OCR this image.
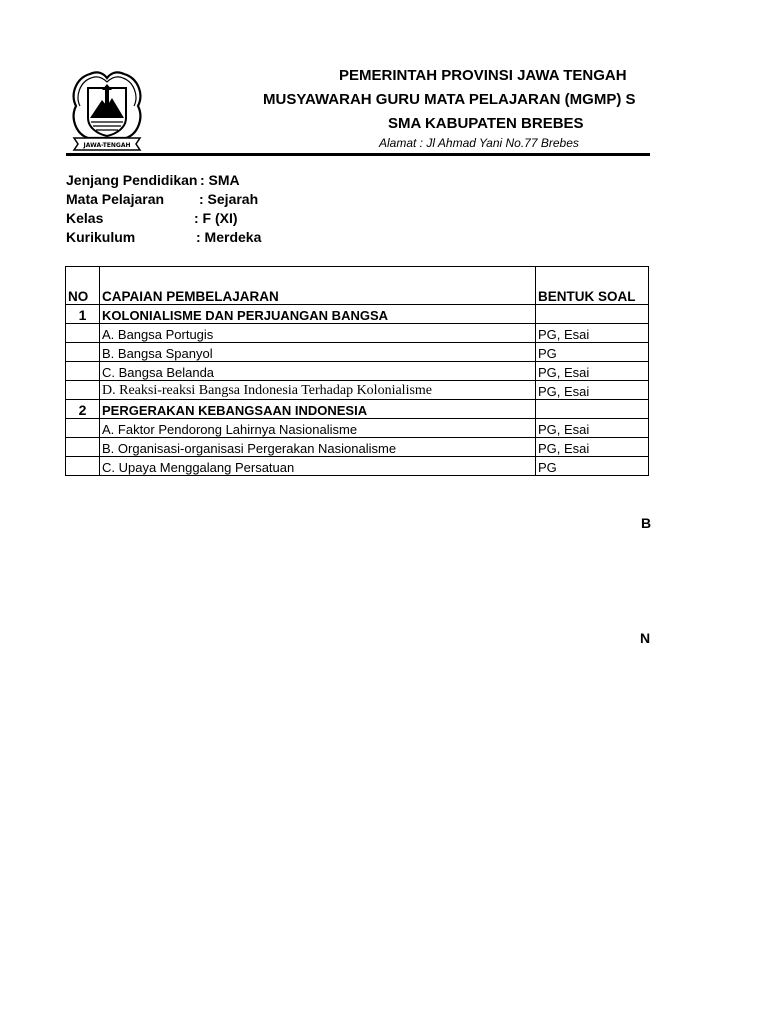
JAWA-TENGAH
PEMERINTAH PROVINSI JAWA TENGAH
MUSYAWARAH GURU MATA PELAJARAN (MGMP) S
SMA KABUPATEN BREBES
Alamat : Jl Ahmad Yani No.77 Brebes
Jenjang Pendidikan : SMA
Mata Pelajaran : Sejarah
Kelas	: F (XI)
Kurikulum	: Merdeka
NO	CAPAIAN PEMBELAJARAN	BENTUK SOAL
1	KOLONIALISME DAN PERJUANGAN BANGSA	
	A. Bangsa Portugis	PG, Esai
	B. Bangsa Spanyol	PG
	C. Bangsa Belanda	PG, Esai
	D. Reaksi-reaksi Bangsa Indonesia Terhadap Kolonialisme	PG, Esai
2	PERGERAKAN KEBANGSAAN INDONESIA	
	A. Faktor Pendorong Lahirnya Nasionalisme	PG, Esai
	B. Organisasi-organisasi Pergerakan Nasionalisme	PG, Esai
	C. Upaya Menggalang Persatuan	PG
B
N
